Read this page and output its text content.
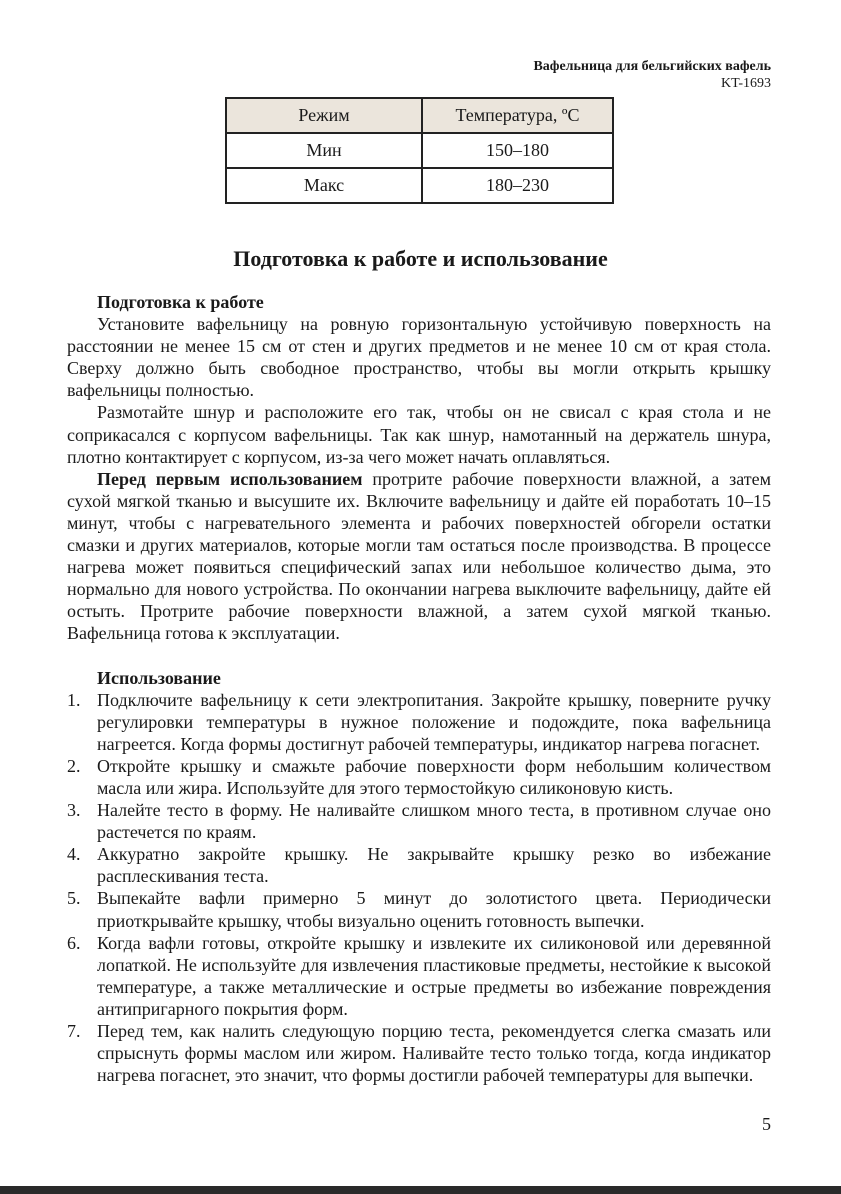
Вафельница для бельгийских вафель
KT-1693
Режим	Температура, ºC
Мин	150–180
Макс	180–230
Подготовка к работе и использование
Подготовка к работе

Установите вафельницу на ровную горизонтальную устойчивую поверхность на расстоянии не менее 15 см от стен и других предметов и не менее 10 см от края стола. Сверху должно быть свободное пространство, чтобы вы могли открыть крышку вафельницы полностью.

Размотайте шнур и расположите его так, чтобы он не свисал с края стола и не соприкасался с корпусом вафельницы. Так как шнур, намотанный на держатель шнура, плотно контактирует с корпусом, из-за чего может начать оплавляться.

Перед первым использованием протрите рабочие поверхности влажной, а затем сухой мягкой тканью и высушите их. Включите вафельницу и дайте ей поработать 10–15 минут, чтобы с нагревательного элемента и рабочих поверхностей обгорели остатки смазки и других материалов, которые могли там остаться после производства. В процессе нагрева может появиться специфический запах или небольшое количество дыма, это нормально для нового устройства. По окончании нагрева выключите вафельницу, дайте ей остыть. Протрите рабочие поверхности влажной, а затем сухой мягкой тканью. Вафельница готова к эксплуатации.

Использование
1. Подключите вафельницу к сети электропитания. Закройте крышку, поверните ручку регулировки температуры в нужное положение и подождите, пока вафельница нагреется. Когда формы достигнут рабочей температуры, индикатор нагрева погаснет.
2. Откройте крышку и смажьте рабочие поверхности форм небольшим количеством масла или жира. Используйте для этого термостойкую силиконовую кисть.
3. Налейте тесто в форму. Не наливайте слишком много теста, в противном случае оно растечется по краям.
4. Аккуратно закройте крышку. Не закрывайте крышку резко во избежание расплескивания теста.
5. Выпекайте вафли примерно 5 минут до золотистого цвета. Периодически приоткрывайте крышку, чтобы визуально оценить готовность выпечки.
6. Когда вафли готовы, откройте крышку и извлеките их силиконовой или деревянной лопаткой. Не используйте для извлечения пластиковые предметы, нестойкие к высокой температуре, а также металлические и острые предметы во избежание повреждения антипригарного покрытия форм.
7. Перед тем, как налить следующую порцию теста, рекомендуется слегка смазать или спрыснуть формы маслом или жиром. Наливайте тесто только тогда, когда индикатор нагрева погаснет, это значит, что формы достигли рабочей температуры для выпечки.
5
